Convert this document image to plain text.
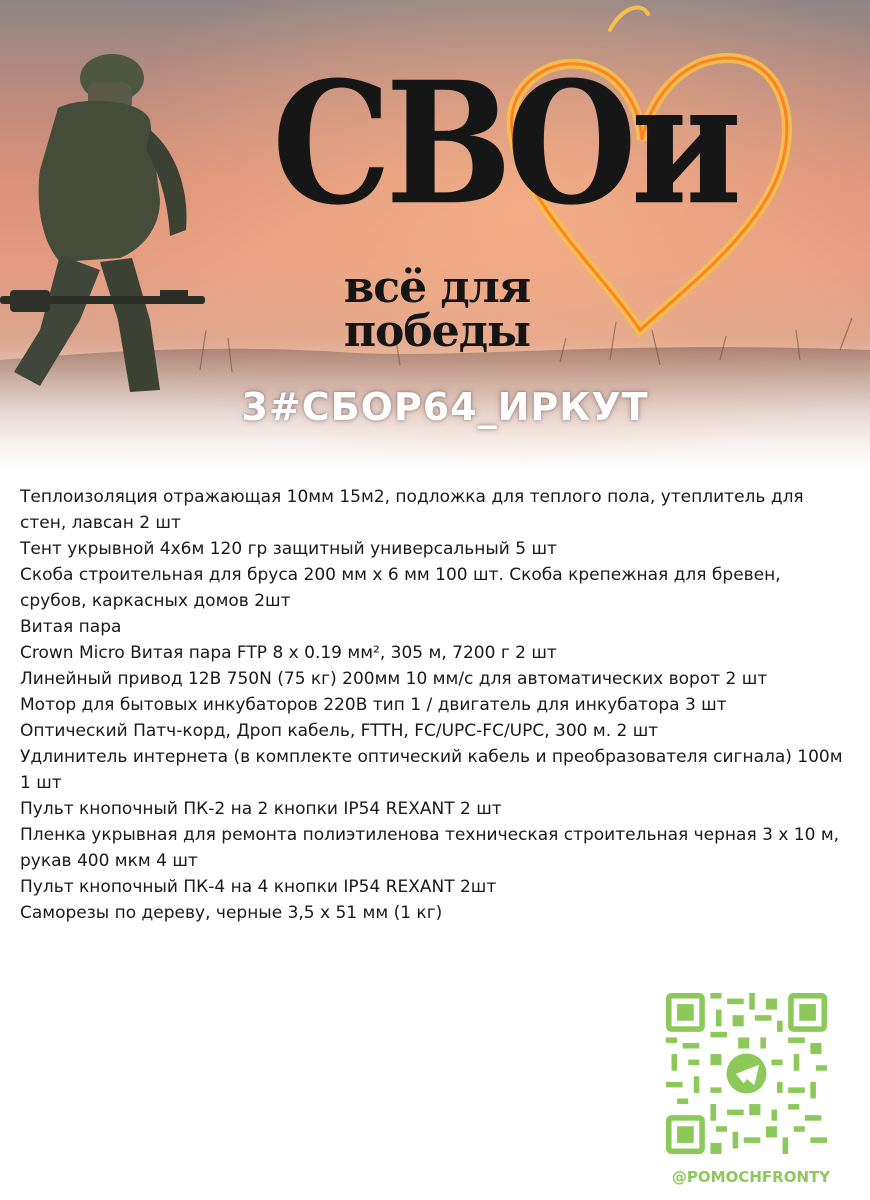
СВОи
всё для победы
3#СБОР64_ИРКУТ
Теплоизоляция отражающая 10мм 15м2, подложка для теплого пола, утеплитель для стен, лавсан 2 шт
Тент укрывной 4х6м 120 гр защитный универсальный 5 шт
Скоба строительная для бруса 200 мм х 6 мм 100 шт. Скоба крепежная для бревен, срубов, каркасных домов 2шт
Витая пара
Crown Micro Витая пара FTP 8 x 0.19 мм², 305 м, 7200 г 2 шт
Линейный привод 12В 750N (75 кг) 200мм 10 мм/с для автоматических ворот 2 шт
Мотор для бытовых инкубаторов 220В тип 1 / двигатель для инкубатора 3 шт
Оптический Патч-корд, Дроп кабель, FTTH, FC/UPC-FC/UPC, 300 м. 2 шт
Удлинитель интернета (в комплекте оптический кабель и преобразователя сигнала) 100м 1 шт
Пульт кнопочный ПК-2 на 2 кнопки IP54 REXANT 2 шт
Пленка укрывная для ремонта полиэтиленова техническая строительная черная 3 х 10 м, рукав 400 мкм 4 шт
Пульт кнопочный ПК-4 на 4 кнопки IP54 REXANT 2шт
Саморезы по дереву, черные 3,5 x 51 мм (1 кг)
@POMOCHFRONTY
